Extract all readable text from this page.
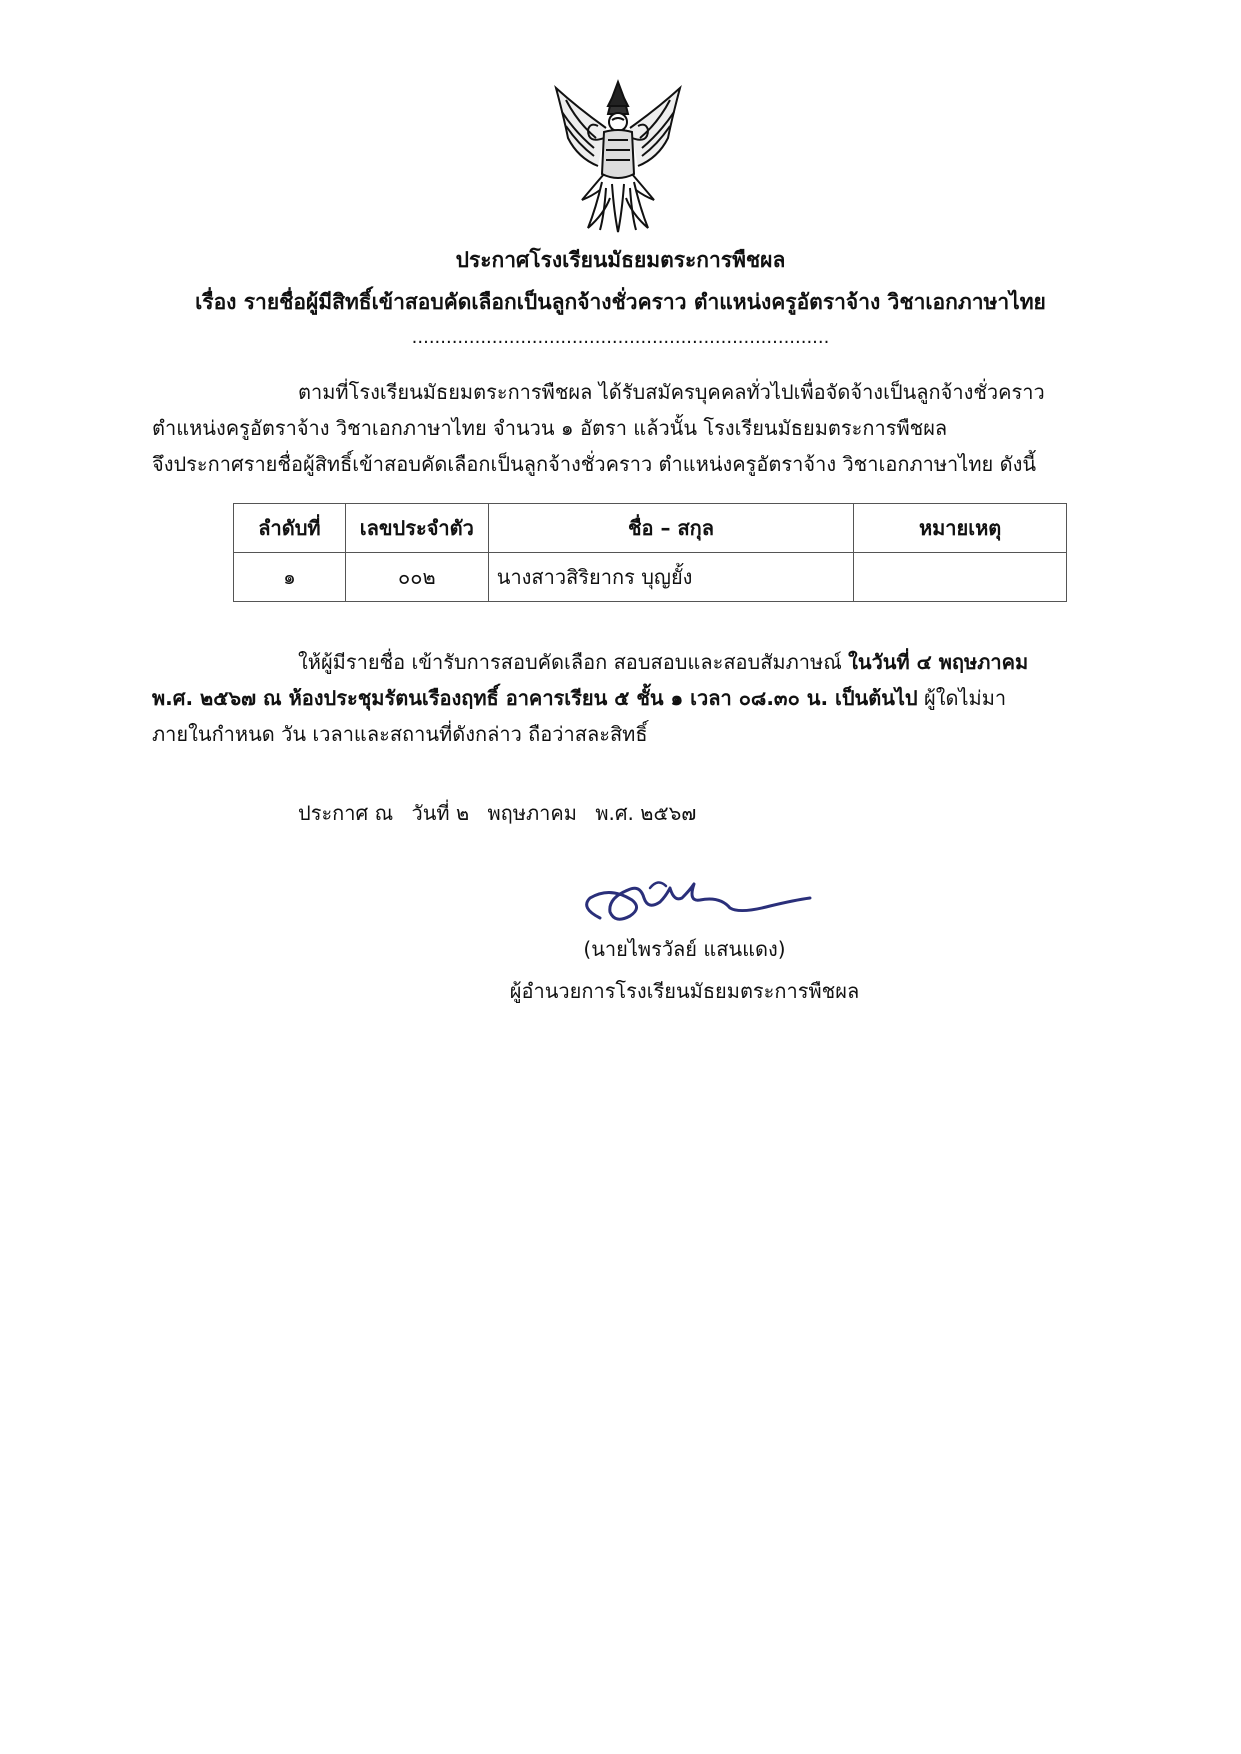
ประกาศโรงเรียนมัธยมตระการพืชผล
เรื่อง รายชื่อผู้มีสิทธิ์เข้าสอบคัดเลือกเป็นลูกจ้างชั่วคราว ตำแหน่งครูอัตราจ้าง วิชาเอกภาษาไทย
.........................................................................
ตามที่โรงเรียนมัธยมตระการพืชผล ได้รับสมัครบุคคลทั่วไปเพื่อจัดจ้างเป็นลูกจ้างชั่วคราว
ตำแหน่งครูอัตราจ้าง วิชาเอกภาษาไทย จำนวน ๑ อัตรา แล้วนั้น โรงเรียนมัธยมตระการพืชผล
จึงประกาศรายชื่อผู้สิทธิ์เข้าสอบคัดเลือกเป็นลูกจ้างชั่วคราว ตำแหน่งครูอัตราจ้าง วิชาเอกภาษาไทย ดังนี้
ลำดับที่	เลขประจำตัว	ชื่อ – สกุล	หมายเหตุ
๑	๐๐๒	นางสาวสิริยากร บุญยั้ง	
ให้ผู้มีรายชื่อ เข้ารับการสอบคัดเลือก สอบสอบและสอบสัมภาษณ์ ในวันที่ ๔ พฤษภาคม
พ.ศ. ๒๕๖๗ ณ ห้องประชุมรัตนเรืองฤทธิ์ อาคารเรียน ๕ ชั้น ๑ เวลา ๐๘.๓๐ น. เป็นต้นไป ผู้ใดไม่มา
ภายในกำหนด วัน เวลาและสถานที่ดังกล่าว ถือว่าสละสิทธิ์
ประกาศ ณ วันที่ ๒ พฤษภาคม พ.ศ. ๒๕๖๗
(นายไพรวัลย์ แสนแดง)
ผู้อำนวยการโรงเรียนมัธยมตระการพืชผล
